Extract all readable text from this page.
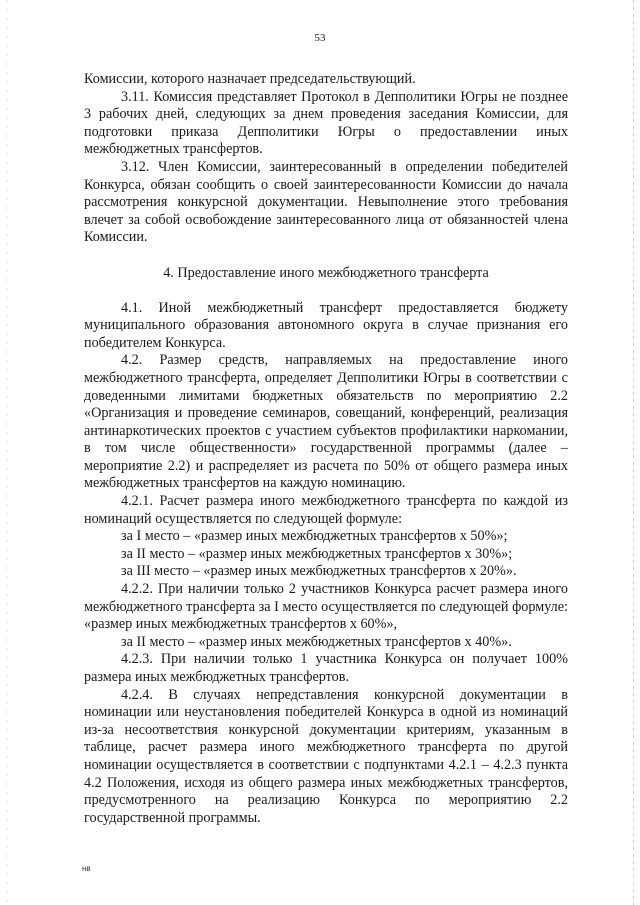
53

Комиссии, которого назначает председательствующий.

3.11. Комиссия представляет Протокол в Депполитики Югры не позднее 3 рабочих дней, следующих за днем проведения заседания Комиссии, для подготовки приказа Депполитики Югры о предоставлении иных межбюджетных трансфертов.

3.12. Член Комиссии, заинтересованный в определении победителей Конкурса, обязан сообщить о своей заинтересованности Комиссии до начала рассмотрения конкурсной документации. Невыполнение этого требования влечет за собой освобождение заинтересованного лица от обязанностей члена Комиссии.

4. Предоставление иного межбюджетного трансферта

4.1. Иной межбюджетный трансферт предоставляется бюджету муниципального образования автономного округа в случае признания его победителем Конкурса.

4.2. Размер средств, направляемых на предоставление иного межбюджетного трансферта, определяет Депполитики Югры в соответствии с доведенными лимитами бюджетных обязательств по мероприятию 2.2 «Организация и проведение семинаров, совещаний, конференций, реализация антинаркотических проектов с участием субъектов профилактики наркомании, в том числе общественности» государственной программы (далее – мероприятие 2.2) и распределяет из расчета по 50% от общего размера иных межбюджетных трансфертов на каждую номинацию.

4.2.1. Расчет размера иного межбюджетного трансферта по каждой из номинаций осуществляется по следующей формуле:

за I место – «размер иных межбюджетных трансфертов х 50%»;

за II место – «размер иных межбюджетных трансфертов х 30%»;

за III место – «размер иных межбюджетных трансфертов х 20%».

4.2.2. При наличии только 2 участников Конкурса расчет размера иного межбюджетного трансферта за I место осуществляется по следующей формуле: «размер иных межбюджетных трансфертов х 60%»,

за II место – «размер иных межбюджетных трансфертов х 40%».

4.2.3. При наличии только 1 участника Конкурса он получает 100% размера иных межбюджетных трансфертов.

4.2.4. В случаях непредставления конкурсной документации в номинации или неустановления победителей Конкурса в одной из номинаций из-за несоответствия конкурсной документации критериям, указанным в таблице, расчет размера иного межбюджетного трансферта по другой номинации осуществляется в соответствии с подпунктами 4.2.1 – 4.2.3 пункта 4.2 Положения, исходя из общего размера иных межбюджетных трансфертов, предусмотренного на реализацию Конкурса по мероприятию 2.2 государственной программы.

нв
